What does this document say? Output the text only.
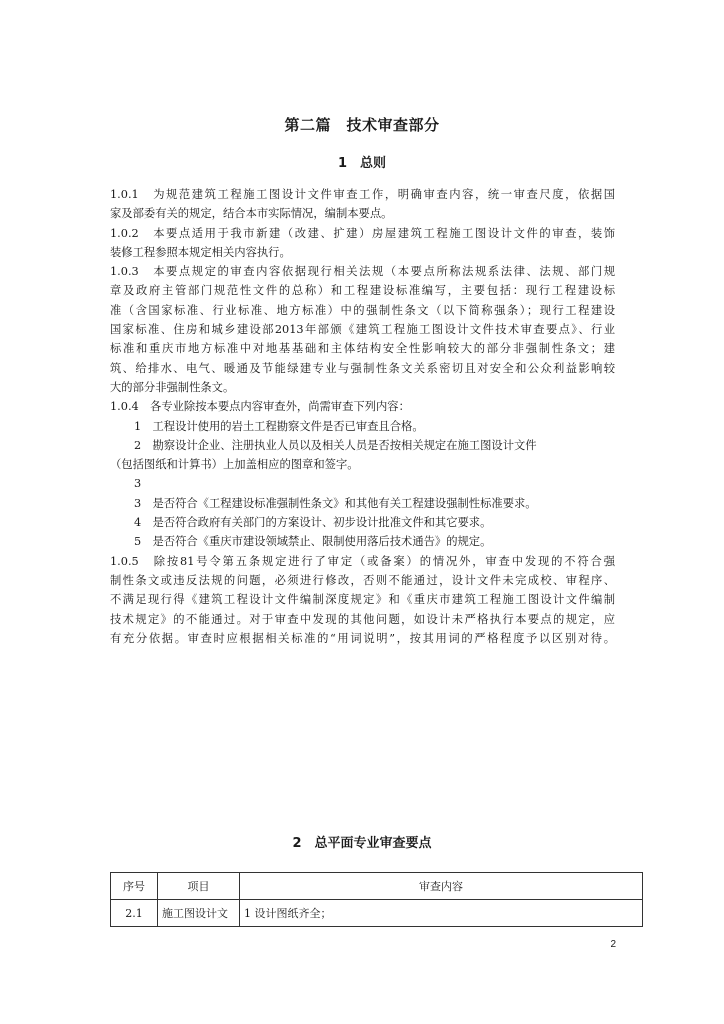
第二篇　技术审查部分
1　总则
1.0.1　为规范建筑工程施工图设计文件审查工作，明确审查内容，统一审查尺度，依据国
家及部委有关的规定，结合本市实际情况，编制本要点。
1.0.2　本要点适用于我市新建（改建、扩建）房屋建筑工程施工图设计文件的审查，装饰
装修工程参照本规定相关内容执行。
1.0.3　本要点规定的审查内容依据现行相关法规（本要点所称法规系法律、法规、部门规
章及政府主管部门规范性文件的总称）和工程建设标准编写，主要包括：现行工程建设标
准（含国家标准、行业标准、地方标准）中的强制性条文（以下简称强条）；现行工程建设
国家标准、住房和城乡建设部2013年部颁《建筑工程施工图设计文件技术审查要点》、行业
标准和重庆市地方标准中对地基基础和主体结构安全性影响较大的部分非强制性条文；建
筑、给排水、电气、暖通及节能绿建专业与强制性条文关系密切且对安全和公众利益影响较
大的部分非强制性条文。
1.0.4　各专业除按本要点内容审查外，尚需审查下列内容：
1　工程设计使用的岩土工程勘察文件是否已审查且合格。
2　勘察设计企业、注册执业人员以及相关人员是否按相关规定在施工图设计文件
（包括图纸和计算书）上加盖相应的图章和签字。
3
3　是否符合《工程建设标准强制性条文》和其他有关工程建设强制性标准要求。
4　是否符合政府有关部门的方案设计、初步设计批准文件和其它要求。
5　是否符合《重庆市建设领域禁止、限制使用落后技术通告》的规定。
1.0.5　除按81号令第五条规定进行了审定（或备案）的情况外，审查中发现的不符合强
制性条文或违反法规的问题，必须进行修改，否则不能通过，设计文件未完成校、审程序、
不满足现行得《建筑工程设计文件编制深度规定》和《重庆市建筑工程施工图设计文件编制
技术规定》的不能通过。对于审查中发现的其他问题，如设计未严格执行本要点的规定，应
有充分依据。审查时应根据相关标准的“用词说明”，按其用词的严格程度予以区别对待。
2　总平面专业审查要点
序号	项目	审查内容
2.1	施工图设计文	1 设计图纸齐全；
2
